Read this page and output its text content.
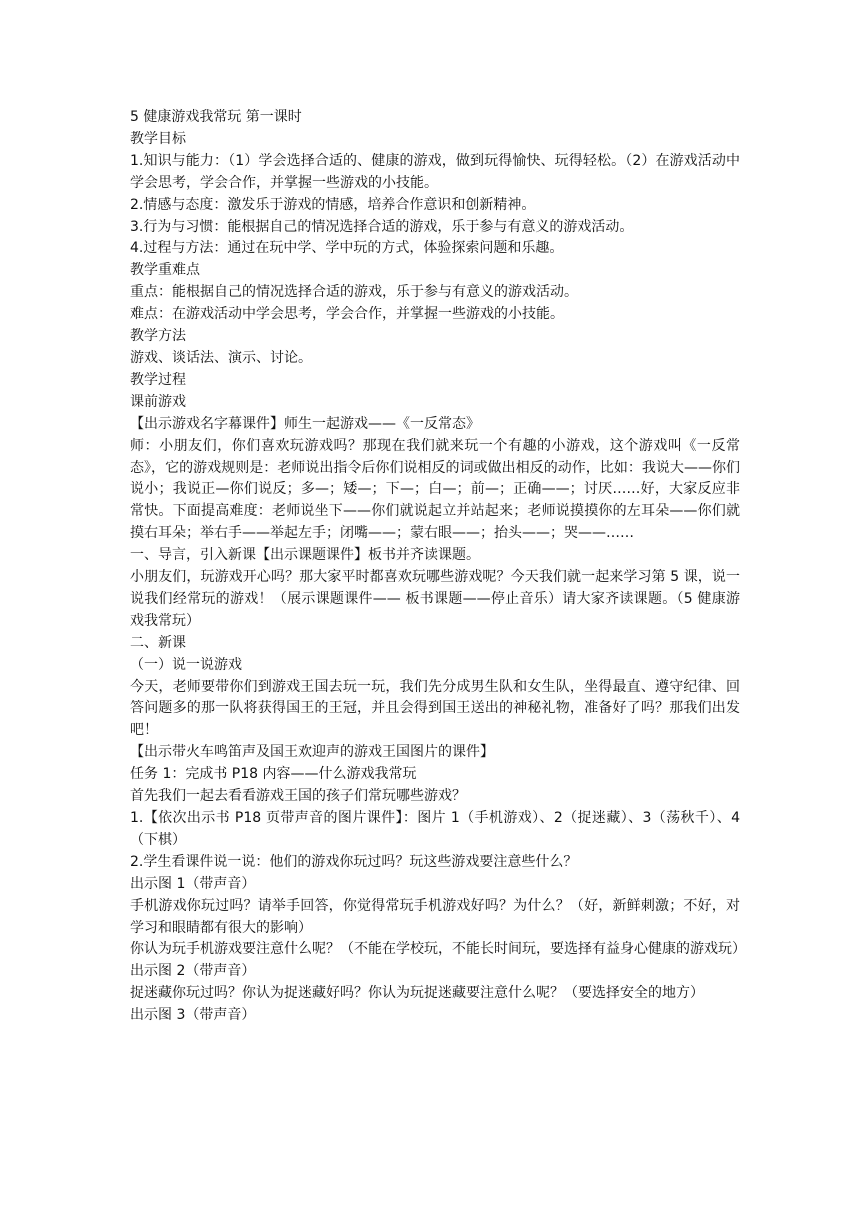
5 健康游戏我常玩 第一课时
教学目标
1.知识与能力：（1）学会选择合适的、健康的游戏，做到玩得愉快、玩得轻松。（2）在游戏活动中学会思考，学会合作，并掌握一些游戏的小技能。
2.情感与态度：激发乐于游戏的情感，培养合作意识和创新精神。
3.行为与习惯：能根据自己的情况选择合适的游戏，乐于参与有意义的游戏活动。
4.过程与方法：通过在玩中学、学中玩的方式，体验探索问题和乐趣。
教学重难点
重点：能根据自己的情况选择合适的游戏，乐于参与有意义的游戏活动。
难点：在游戏活动中学会思考，学会合作，并掌握一些游戏的小技能。
教学方法
游戏、谈话法、演示、讨论。
教学过程
课前游戏
【出示游戏名字幕课件】师生一起游戏——《一反常态》
师：小朋友们，你们喜欢玩游戏吗？那现在我们就来玩一个有趣的小游戏，这个游戏叫《一反常态》，它的游戏规则是：老师说出指令后你们说相反的词或做出相反的动作，比如：我说大——你们说小；我说正—你们说反；多—；矮—；下—；白—；前—；正确——；讨厌……好，大家反应非常快。下面提高难度：老师说坐下——你们就说起立并站起来；老师说摸摸你的左耳朵——你们就摸右耳朵；举右手——举起左手；闭嘴——；蒙右眼——；抬头——；哭——……
一、导言，引入新课【出示课题课件】板书并齐读课题。
小朋友们，玩游戏开心吗？那大家平时都喜欢玩哪些游戏呢？今天我们就一起来学习第 5 课，说一说我们经常玩的游戏！（展示课题课件—— 板书课题——停止音乐）请大家齐读课题。（5 健康游戏我常玩）
二、新课
（一）说一说游戏
今天，老师要带你们到游戏王国去玩一玩，我们先分成男生队和女生队，坐得最直、遵守纪律、回答问题多的那一队将获得国王的王冠，并且会得到国王送出的神秘礼物，准备好了吗？那我们出发吧！
【出示带火车鸣笛声及国王欢迎声的游戏王国图片的课件】
任务 1：完成书 P18 内容——什么游戏我常玩
首先我们一起去看看游戏王国的孩子们常玩哪些游戏？
1.【依次出示书 P18 页带声音的图片课件】：图片 1（手机游戏）、2（捉迷藏）、3（荡秋千）、4（下棋）
2.学生看课件说一说：他们的游戏你玩过吗？玩这些游戏要注意些什么？
出示图 1（带声音）
手机游戏你玩过吗？请举手回答，你觉得常玩手机游戏好吗？为什么？（好，新鲜刺激；不好，对学习和眼睛都有很大的影响）
你认为玩手机游戏要注意什么呢？（不能在学校玩，不能长时间玩，要选择有益身心健康的游戏玩）
出示图 2（带声音）
捉迷藏你玩过吗？你认为捉迷藏好吗？你认为玩捉迷藏要注意什么呢？（要选择安全的地方）
出示图 3（带声音）
